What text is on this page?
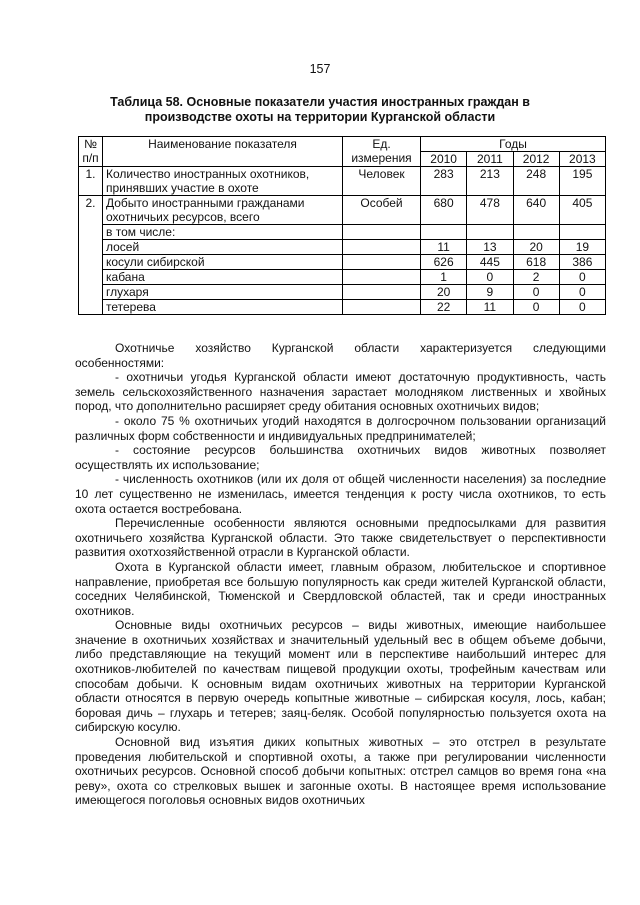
157
Таблица 58. Основные показатели участия иностранных граждан в производстве охоты на территории Курганской области
№ п/п	Наименование показателя	Ед. измерения	Годы			
			2010	2011	2012	2013
1.	Количество иностранных охотников, принявших участие в охоте	Человек	283	213	248	195
2.	Добыто иностранными гражданами охотничьих ресурсов, всего	Особей	680	478	640	405
	в том числе:					
	лосей		11	13	20	19
	косули сибирской		626	445	618	386
	кабана		1	0	2	0
	глухаря		20	9	0	0
	тетерева		22	11	0	0

Охотничье хозяйство Курганской области характеризуется следующими особенностями:

- охотничьи угодья Курганской области имеют достаточную продуктивность, часть земель сельскохозяйственного назначения зарастает молодняком лиственных и хвойных пород, что дополнительно расширяет среду обитания основных охотничьих видов;

- около 75 % охотничьих угодий находятся в долгосрочном пользовании организаций различных форм собственности и индивидуальных предпринимателей;

- состояние ресурсов большинства охотничьих видов животных позволяет осуществлять их использование;

- численность охотников (или их доля от общей численности населения) за последние 10 лет существенно не изменилась, имеется тенденция к росту числа охотников, то есть охота остается востребована.

Перечисленные особенности являются основными предпосылками для развития охотничьего хозяйства Курганской области. Это также свидетельствует о перспективности развития охотхозяйственной отрасли в Курганской области.

Охота в Курганской области имеет, главным образом, любительское и спортивное направление, приобретая все большую популярность как среди жителей Курганской области, соседних Челябинской, Тюменской и Свердловской областей, так и среди иностранных охотников.

Основные виды охотничьих ресурсов – виды животных, имеющие наибольшее значение в охотничьих хозяйствах и значительный удельный вес в общем объеме добычи, либо представляющие на текущий момент или в перспективе наибольший интерес для охотников-любителей по качествам пищевой продукции охоты, трофейным качествам или способам добычи. К основным видам охотничьих животных на территории Курганской области относятся в первую очередь копытные животные – сибирская косуля, лось, кабан; боровая дичь – глухарь и тетерев; заяц-беляк. Особой популярностью пользуется охота на сибирскую косулю.

Основной вид изъятия диких копытных животных – это отстрел в результате проведения любительской и спортивной охоты, а также при регулировании численности охотничьих ресурсов. Основной способ добычи копытных: отстрел самцов во время гона «на реву», охота со стрелковых вышек и загонные охоты. В настоящее время использование имеющегося поголовья основных видов охотничьих
